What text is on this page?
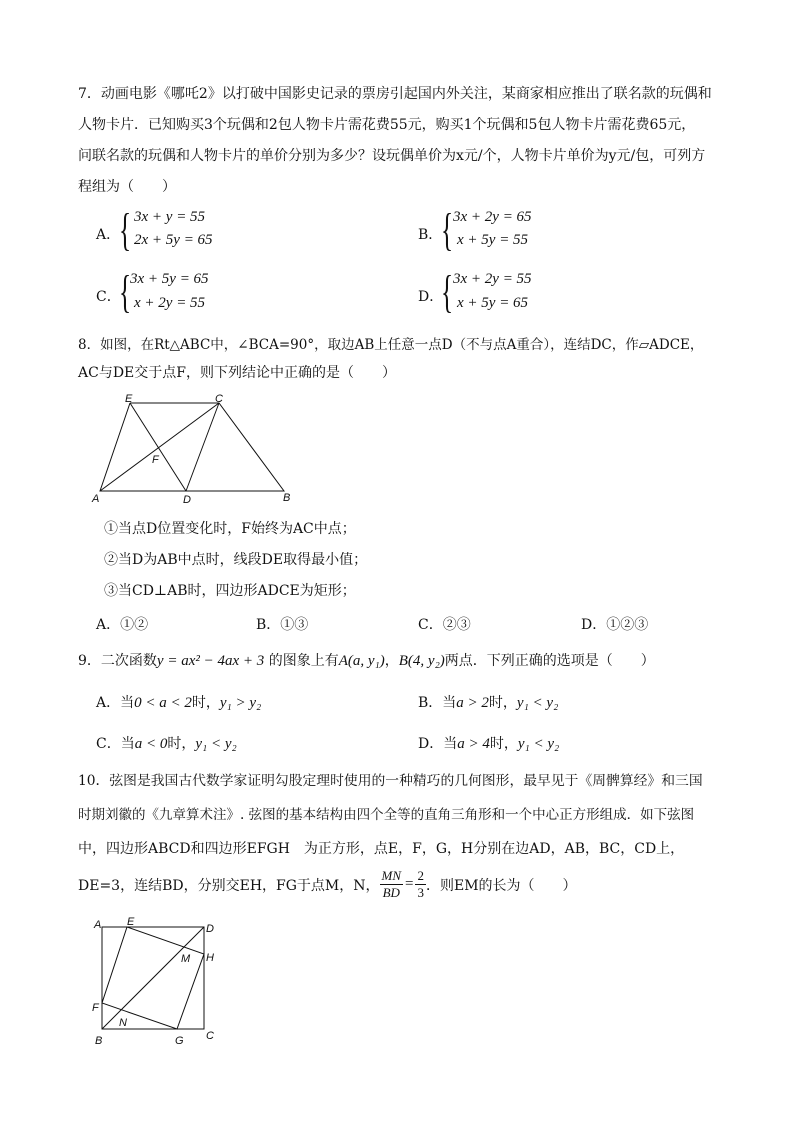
7．动画电影《哪吒2》以打破中国影史记录的票房引起国内外关注，某商家相应推出了联名款的玩偶和
人物卡片．已知购买3个玩偶和2包人物卡片需花费55元，购买1个玩偶和5包人物卡片需花费65元，
问联名款的玩偶和人物卡片的单价分别为多少？设玩偶单价为x元/个，人物卡片单价为y元/包，可列方
程组为（　　）
A．
{ 3x + y = 55
2x + 5y = 65	B．
{ 3x + 2y = 65
x + 5y = 55
C．
{
3x + 5y = 65
x + 2y = 55	D．
{ 3x + 2y = 55
x + 5y = 65
8．如图，在Rt△ABC中，∠BCA=90°，取边AB上任意一点D（不与点A重合），连结DC，作▱ADCE，
AC与DE交于点F，则下列结论中正确的是（　　）
E	C
F
A	D	B
①当点D位置变化时，F始终为AC中点；
②当D为AB中点时，线段DE取得最小值；
③当CD⊥AB时，四边形ADCE为矩形；
A．①②	B．①③	C．②③	D．①②③
9．二次函数y = ax² − 4ax + 3 的图象上有A(a, y₁)，B(4, y₂)两点．下列正确的选项是（　　）
A．当0 < a < 2时，y₁ > y₂	B．当a > 2时，y₁ < y₂
C．当a < 0时，y₁ < y₂	D．当a > 4时，y₁ < y₂
10．弦图是我国古代数学家证明勾股定理时使用的一种精巧的几何图形，最早见于《周髀算经》和三国
时期刘徽的《九章算术注》. 弦图的基本结构由四个全等的直角三角形和一个中心正方形组成．如下弦图
中，四边形ABCD和四边形EFGH　为正方形，点E，F，G，H分别在边AD，AB，BC，CD上，
DE=3，连结BD，分别交EH，FG于点M，N， $\frac{MN}{BD} = \frac{2}{3}$ ．则EM的长为（　　）
A E
D
M H
F
N
B	G C
